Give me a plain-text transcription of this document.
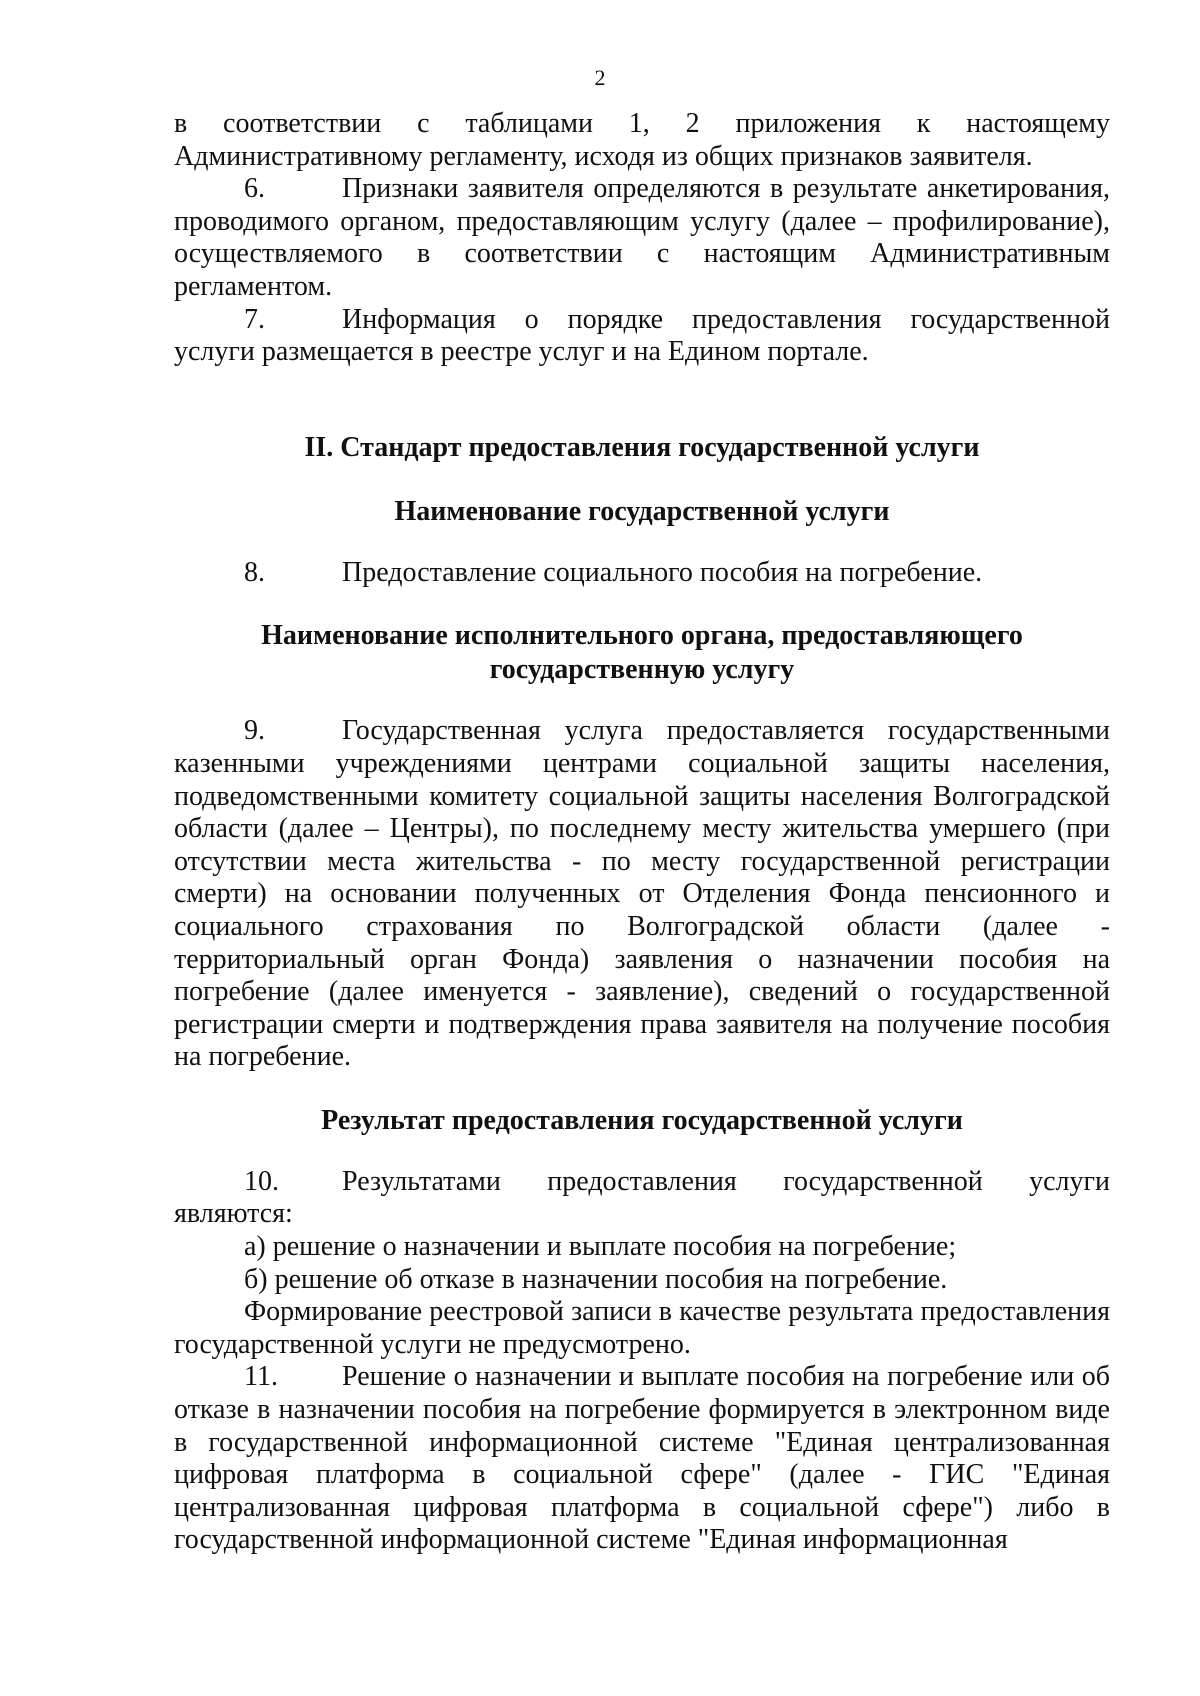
2

в соответствии с таблицами 1, 2 приложения к настоящему Административному регламенту, исходя из общих признаков заявителя.

6.	Признаки заявителя определяются в результате анкетирования, проводимого органом, предоставляющим услугу (далее – профилирование), осуществляемого в соответствии с настоящим Административным регламентом.

7.	Информация о порядке предоставления государственной услуги размещается в реестре услуг и на Едином портале.

II. Стандарт предоставления государственной услуги
Наименование государственной услуги

8.	Предоставление социального пособия на погребение.

Наименование исполнительного органа, предоставляющего
государственную услугу

9.	Государственная услуга предоставляется государственными казенными учреждениями центрами социальной защиты населения, подведомственными комитету социальной защиты населения Волгоградской области (далее – Центры), по последнему месту жительства умершего (при отсутствии места жительства - по месту государственной регистрации смерти) на основании полученных от Отделения Фонда пенсионного и социального страхования по Волгоградской области (далее - территориальный орган Фонда) заявления о назначении пособия на погребение (далее именуется - заявление), сведений о государственной регистрации смерти и подтверждения права заявителя на получение пособия на погребение.

Результат предоставления государственной услуги

10. Результатами предоставления государственной услуги являются:

а) решение о назначении и выплате пособия на погребение;

б) решение об отказе в назначении пособия на погребение.

Формирование реестровой записи в качестве результата предоставления государственной услуги не предусмотрено.

11. Решение о назначении и выплате пособия на погребение или об отказе в назначении пособия на погребение формируется в электронном виде в государственной информационной системе "Единая централизованная цифровая платформа в социальной сфере" (далее - ГИС "Единая централизованная цифровая платформа в социальной сфере") либо в государственной информационной системе "Единая информационная
